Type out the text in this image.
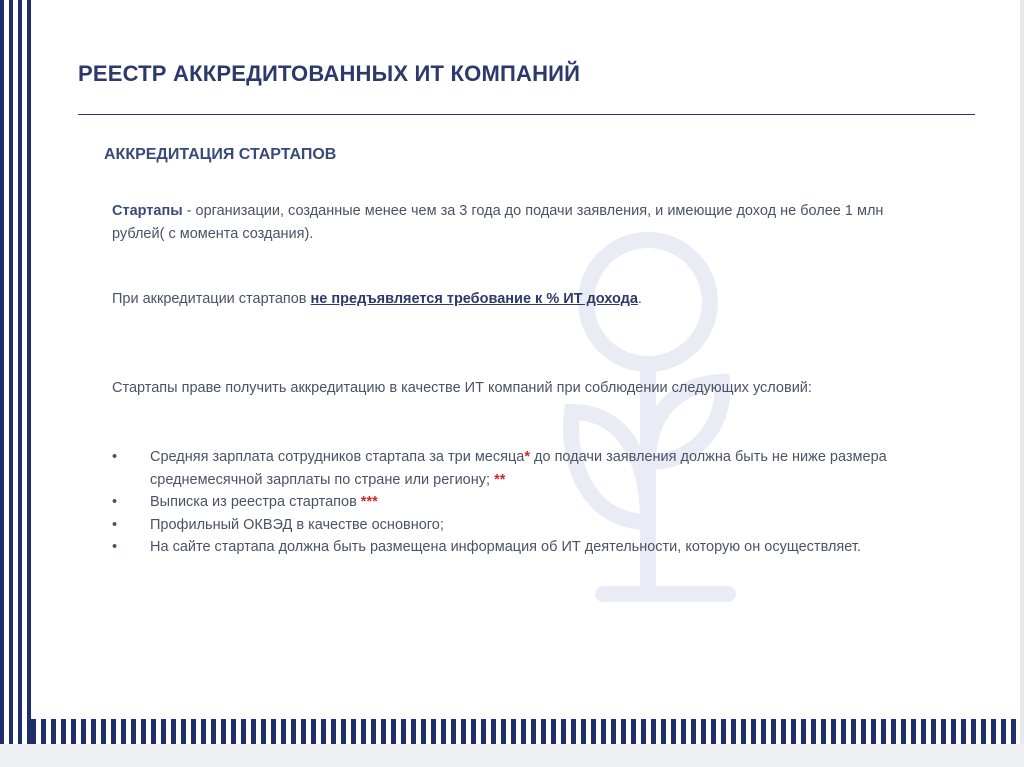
РЕЕСТР АККРЕДИТОВАННЫХ ИТ КОМПАНИЙ
АККРЕДИТАЦИЯ СТАРТАПОВ

Стартапы - организации, созданные менее чем за 3 года до подачи заявления, и имеющие доход не более 1 млн рублей( с момента создания).

При аккредитации стартапов не предъявляется требование к % ИТ дохода.

Стартапы праве получить аккредитацию в качестве ИТ компаний при соблюдении следующих условий:

• Средняя зарплата сотрудников стартапа за три месяца* до подачи заявления должна быть не ниже размера среднемесячной зарплаты по стране или региону; **
• Выписка из реестра стартапов ***
• Профильный ОКВЭД в качестве основного;
• На сайте стартапа должна быть размещена информация об ИТ деятельности, которую он осуществляет.
